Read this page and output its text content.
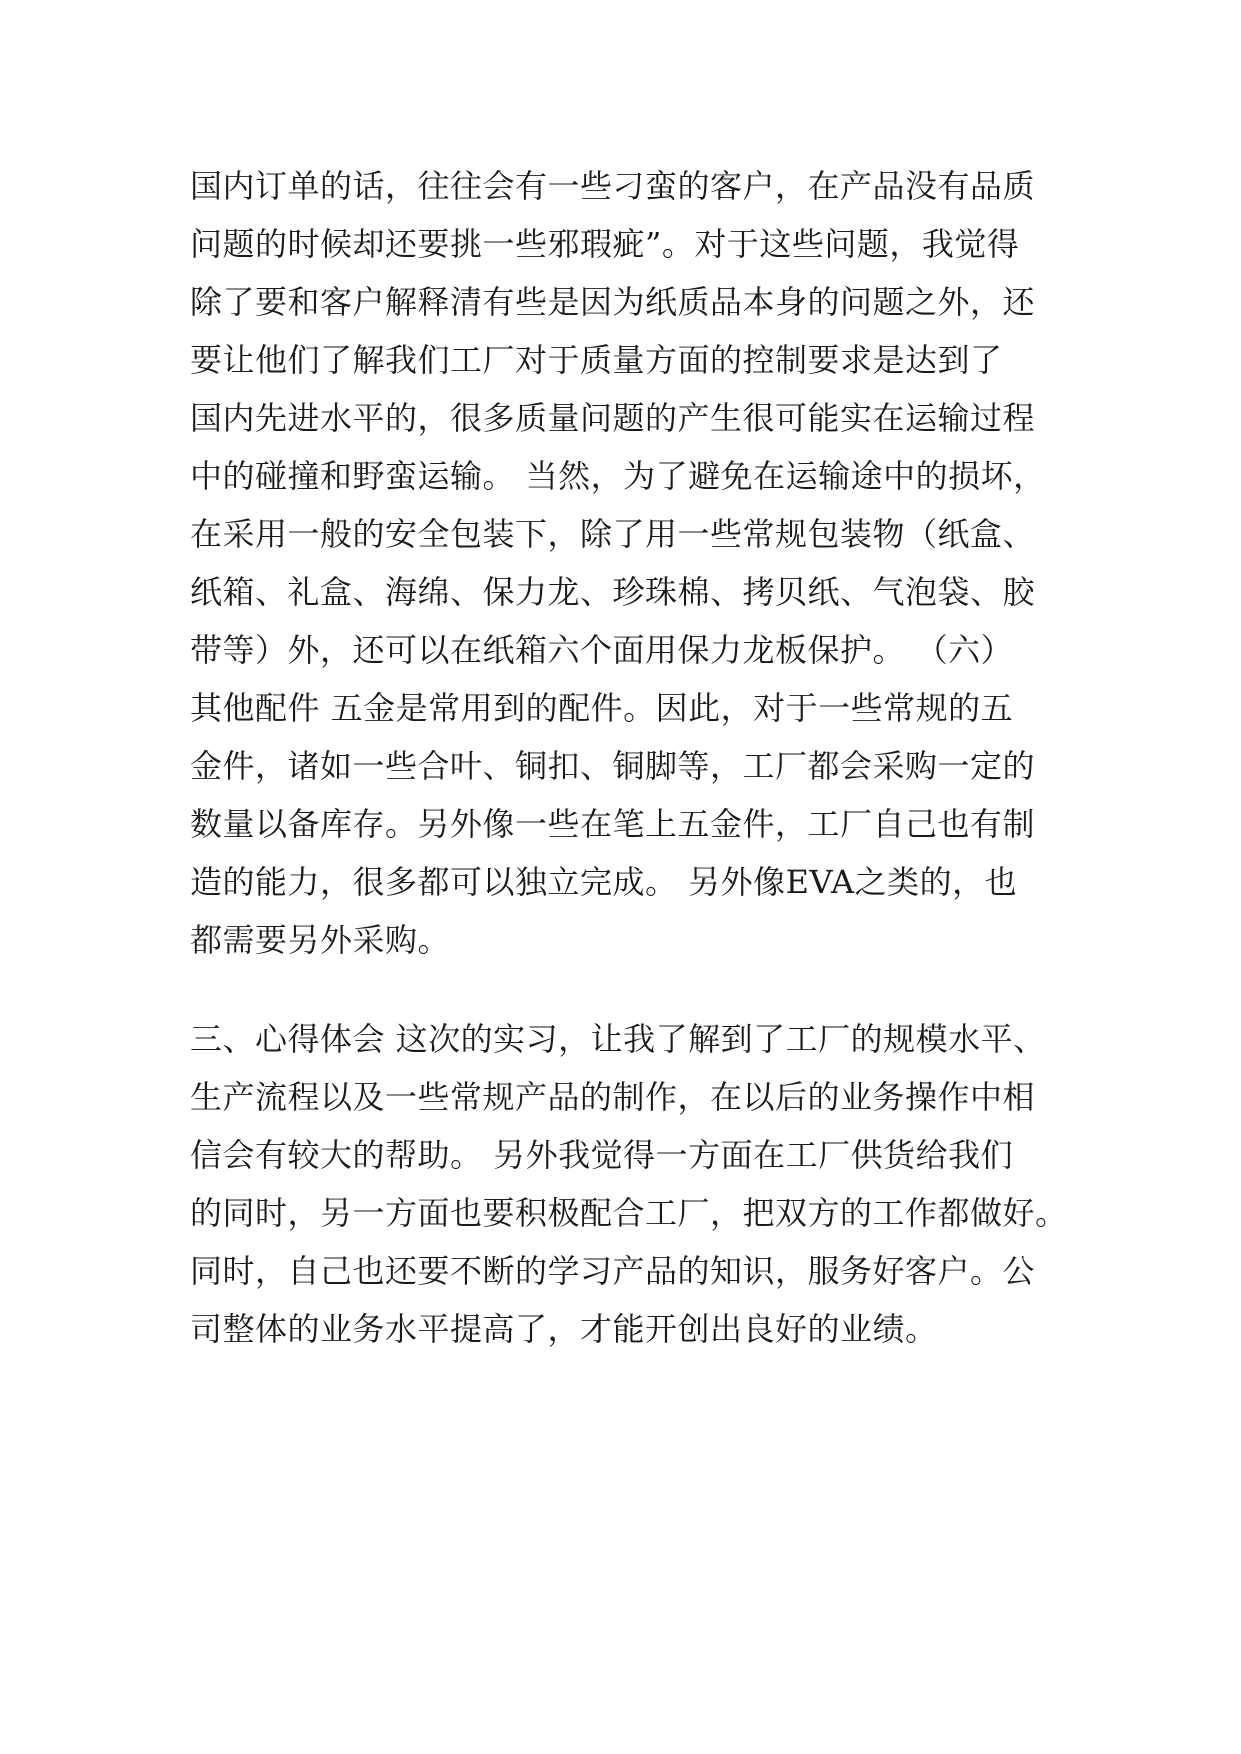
国内订单的话，往往会有一些刁蛮的客户，在产品没有品质
问题的时候却还要挑一些邪瑕疵”。对于这些问题，我觉得
除了要和客户解释清有些是因为纸质品本身的问题之外，还
要让他们了解我们工厂对于质量方面的控制要求是达到了
国内先进水平的，很多质量问题的产生很可能实在运输过程
中的碰撞和野蛮运输。 当然，为了避免在运输途中的损坏，
在采用一般的安全包装下，除了用一些常规包装物（纸盒、
纸箱、礼盒、海绵、保力龙、珍珠棉、拷贝纸、气泡袋、胶
带等）外，还可以在纸箱六个面用保力龙板保护。 （六）
其他配件 五金是常用到的配件。因此，对于一些常规的五
金件，诸如一些合叶、铜扣、铜脚等，工厂都会采购一定的
数量以备库存。另外像一些在笔上五金件，工厂自己也有制
造的能力，很多都可以独立完成。 另外像EVA之类的，也
都需要另外采购。
三、心得体会 这次的实习，让我了解到了工厂的规模水平、
生产流程以及一些常规产品的制作，在以后的业务操作中相
信会有较大的帮助。 另外我觉得一方面在工厂供货给我们
的同时，另一方面也要积极配合工厂，把双方的工作都做好。
同时，自己也还要不断的学习产品的知识，服务好客户。公
司整体的业务水平提高了，才能开创出良好的业绩。
